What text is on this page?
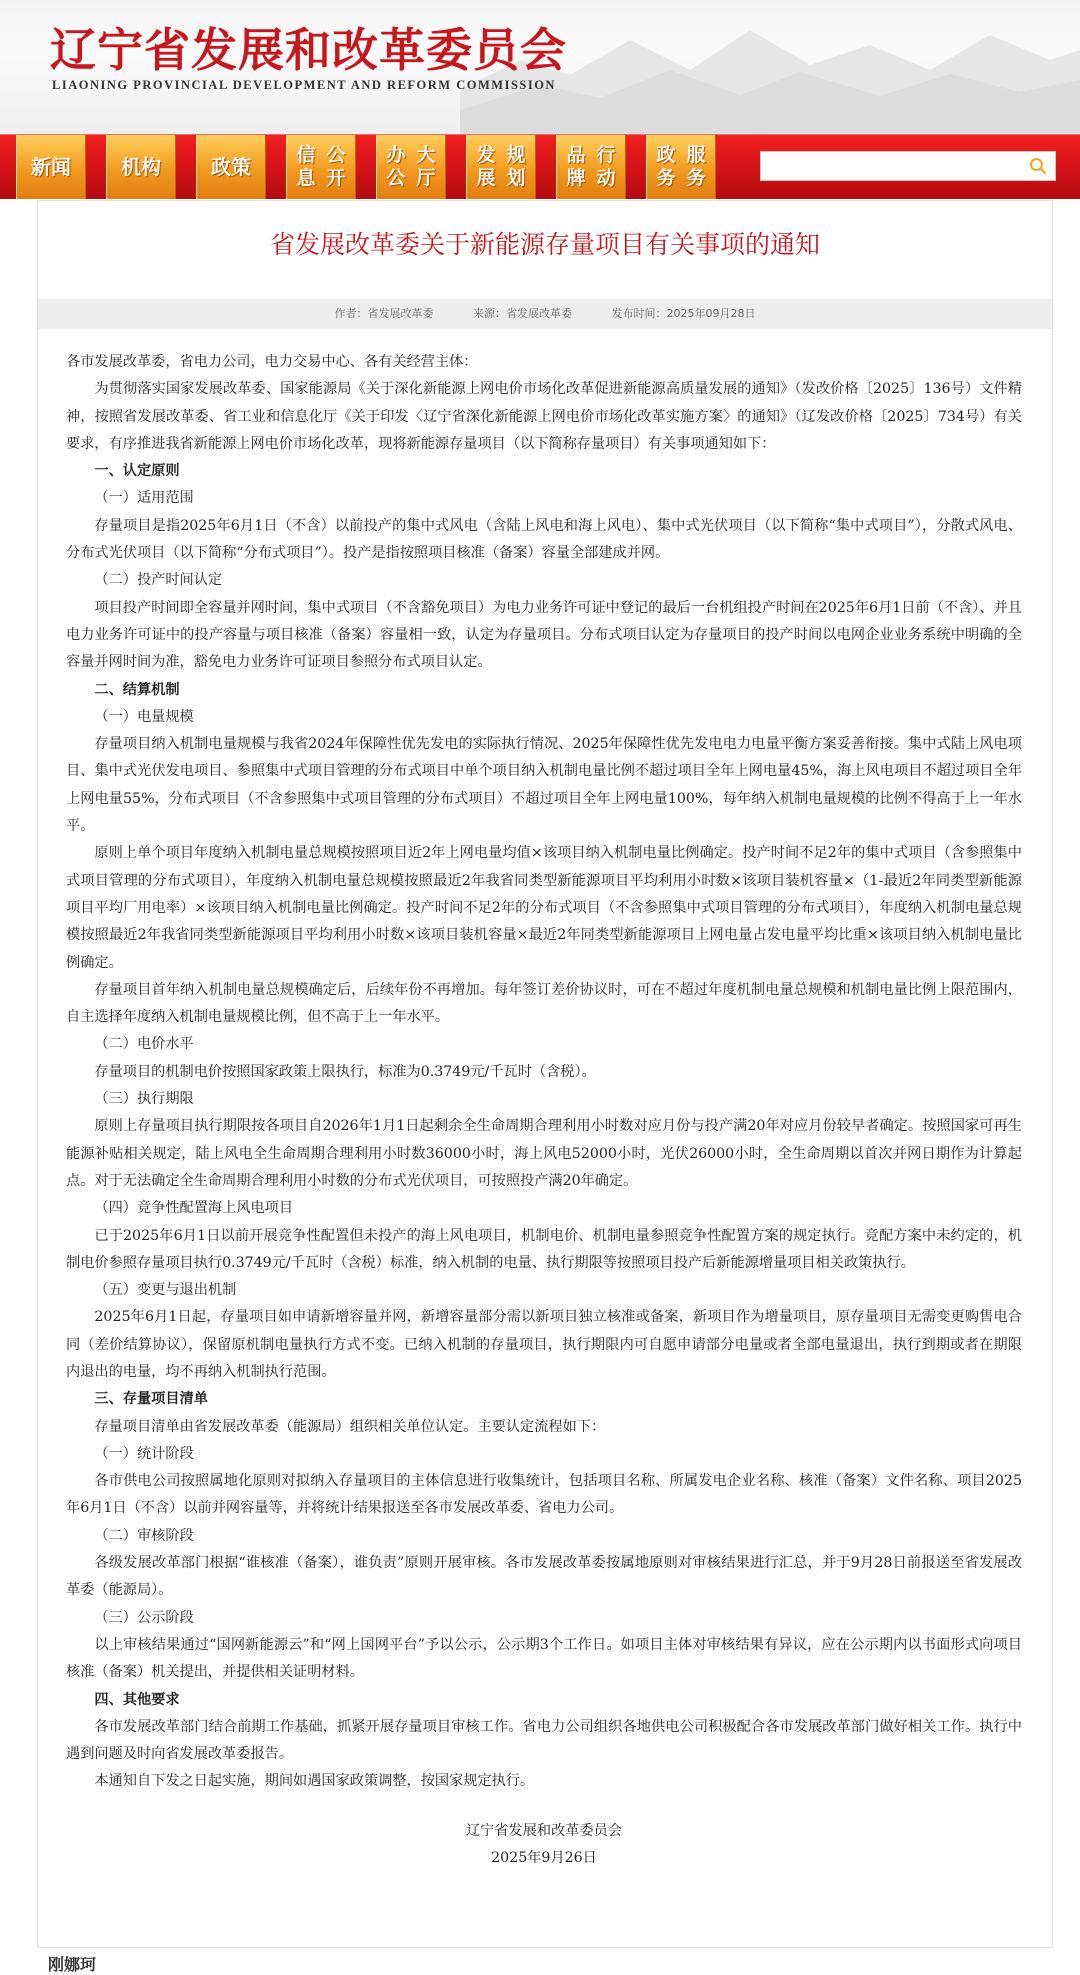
辽宁省发展和改革委员会
LIAONING PROVINCIAL DEVELOPMENT AND REFORM COMMISSION
新闻	机构	政策 信息

公开
办公

大厅
发展

规划
品牌

行动
政务

服务
省发展改革委关于新能源存量项目有关事项的通知
作者：省发展改革委	来源：省发展改革委	发布时间：2025年09月28日

各市发展改革委，省电力公司，电力交易中心、各有关经营主体：

为贯彻落实国家发展改革委、国家能源局《关于深化新能源上网电价市场化改革促进新能源高质量发展的通知》（发改价格〔2025〕136号）文件精神，按照省发展改革委、省工业和信息化厅《关于印发〈辽宁省深化新能源上网电价市场化改革实施方案〉的通知》（辽发改价格〔2025〕734号）有关要求，有序推进我省新能源上网电价市场化改革，现将新能源存量项目（以下简称存量项目）有关事项通知如下：

一、认定原则

（一）适用范围

存量项目是指2025年6月1日（不含）以前投产的集中式风电（含陆上风电和海上风电）、集中式光伏项目（以下简称“集中式项目”），分散式风电、分布式光伏项目（以下简称“分布式项目”）。投产是指按照项目核准（备案）容量全部建成并网。

（二）投产时间认定

项目投产时间即全容量并网时间，集中式项目（不含豁免项目）为电力业务许可证中登记的最后一台机组投产时间在2025年6月1日前（不含）、并且电力业务许可证中的投产容量与项目核准（备案）容量相一致，认定为存量项目。分布式项目认定为存量项目的投产时间以电网企业业务系统中明确的全容量并网时间为准，豁免电力业务许可证项目参照分布式项目认定。

二、结算机制

（一）电量规模

存量项目纳入机制电量规模与我省2024年保障性优先发电的实际执行情况、2025年保障性优先发电电力电量平衡方案妥善衔接。集中式陆上风电项目、集中式光伏发电项目、参照集中式项目管理的分布式项目中单个项目纳入机制电量比例不超过项目全年上网电量45%，海上风电项目不超过项目全年上网电量55%，分布式项目（不含参照集中式项目管理的分布式项目）不超过项目全年上网电量100%，每年纳入机制电量规模的比例不得高于上一年水平。

原则上单个项目年度纳入机制电量总规模按照项目近2年上网电量均值×该项目纳入机制电量比例确定。投产时间不足2年的集中式项目（含参照集中式项目管理的分布式项目），年度纳入机制电量总规模按照最近2年我省同类型新能源项目平均利用小时数×该项目装机容量×（1-最近2年同类型新能源项目平均厂用电率）×该项目纳入机制电量比例确定。投产时间不足2年的分布式项目（不含参照集中式项目管理的分布式项目），年度纳入机制电量总规模按照最近2年我省同类型新能源项目平均利用小时数×该项目装机容量×最近2年同类型新能源项目上网电量占发电量平均比重×该项目纳入机制电量比例确定。

存量项目首年纳入机制电量总规模确定后，后续年份不再增加。每年签订差价协议时，可在不超过年度机制电量总规模和机制电量比例上限范围内，自主选择年度纳入机制电量规模比例，但不高于上一年水平。

（二）电价水平

存量项目的机制电价按照国家政策上限执行，标准为0.3749元/千瓦时（含税）。

（三）执行期限

原则上存量项目执行期限按各项目自2026年1月1日起剩余全生命周期合理利用小时数对应月份与投产满20年对应月份较早者确定。按照国家可再生能源补贴相关规定，陆上风电全生命周期合理利用小时数36000小时，海上风电52000小时，光伏26000小时，全生命周期以首次并网日期作为计算起点。对于无法确定全生命周期合理利用小时数的分布式光伏项目，可按照投产满20年确定。

（四）竞争性配置海上风电项目

已于2025年6月1日以前开展竞争性配置但未投产的海上风电项目，机制电价、机制电量参照竞争性配置方案的规定执行。竞配方案中未约定的，机制电价参照存量项目执行0.3749元/千瓦时（含税）标准，纳入机制的电量、执行期限等按照项目投产后新能源增量项目相关政策执行。

（五）变更与退出机制

2025年6月1日起，存量项目如申请新增容量并网，新增容量部分需以新项目独立核准或备案，新项目作为增量项目，原存量项目无需变更购售电合同（差价结算协议），保留原机制电量执行方式不变。已纳入机制的存量项目，执行期限内可自愿申请部分电量或者全部电量退出，执行到期或者在期限内退出的电量，均不再纳入机制执行范围。

三、存量项目清单

存量项目清单由省发展改革委（能源局）组织相关单位认定。主要认定流程如下：

（一）统计阶段

各市供电公司按照属地化原则对拟纳入存量项目的主体信息进行收集统计，包括项目名称、所属发电企业名称、核准（备案）文件名称、项目2025年6月1日（不含）以前并网容量等，并将统计结果报送至各市发展改革委、省电力公司。

（二）审核阶段

各级发展改革部门根据“谁核准（备案），谁负责”原则开展审核。各市发展改革委按属地原则对审核结果进行汇总，并于9月28日前报送至省发展改革委（能源局）。

（三）公示阶段

以上审核结果通过“国网新能源云”和“网上国网平台”予以公示，公示期3个工作日。如项目主体对审核结果有异议，应在公示期内以书面形式向项目核准（备案）机关提出，并提供相关证明材料。

四、其他要求

各市发展改革部门结合前期工作基础，抓紧开展存量项目审核工作。省电力公司组织各地供电公司积极配合各市发展改革部门做好相关工作。执行中遇到问题及时向省发展改革委报告。

本通知自下发之日起实施，期间如遇国家政策调整，按国家规定执行。

辽宁省发展和改革委员会

2025年9月26日

刚娜珂
